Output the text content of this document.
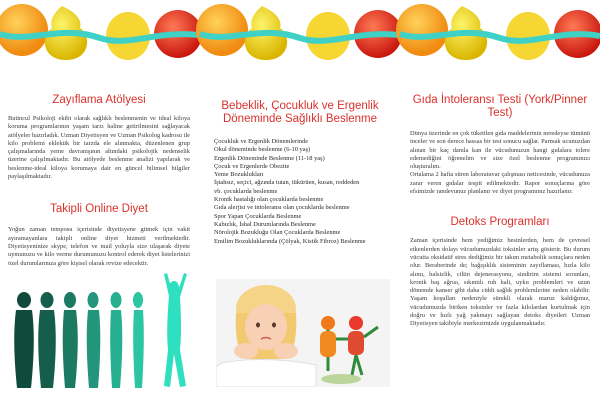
Zayıflama Atölyesi

Butincul Psikoloji ekibi olarak sağlıklı beslenmenin ve ideal kiloya koruma programlarının yaşam tarzı haline getirilmesini sağlayacak atölyeler hazırladık. Uzman Diyetisyen ve Uzman Psikolog kadrosu ile kilo problemi eklektik bir tarzda ele alınmakta, düzenlenen grup çalışmalarında yeme davranışının altındaki psikolojik nedenselik üzerine çalışılmaktadır. Bu atölyede beslenme analizi yapılarak ve beslenme-ideal kiloya korumaya dair en güncel bilimsel bilgiler paylaşılmaktadır.

Takipli Online Diyet

Yoğun zaman temposu içerisinde diyetisyene gitmek için vakit ayıramayanlara takipli online diyet hizmeti verilmektedir. Diyetisyeninize skype, telefon ve mail yoluyla size ulaşarak diyete uymunuzu ve kilo verme durumunuzu kontrol ederek diyet listelerinizi özel durumlarınıza göre kişisel olarak revize edecektir.

Bebeklik, Çocukluk ve Ergenlik Döneminde Sağlıklı Beslenme
Çocukluk ve Ergenlik Dönemlerinde
Okul döneminde beslenme (6-10 yaş)
Ergenlik Döneminde Beslenme (11-18 yaş)
Çocuk ve Ergenlerde Obezite
Yeme Bozuklukları
İştahsız, seçici, ağzında tutan, tükürüen, kusan, reddeden
vb. çocuklarda beslenme
Kronik hastalığı olan çocuklarda beslenme
Gıda alerjisi ve intoleransı olan çocuklarda beslenme
Spor Yapan Çocuklarda Beslenme
Kabızlık, İshal Durumlarında Beslenme
Nörolojik Bozukluğu Olan Çocuklarda Beslenme
Emilim Bozukluklarında (Çölyak, Kistik Fibroz) Beslenme
Gıda İntoleransı Testi (York/Pinner Test)

Dünya üzerinde en çok tüketilen gıda maddelerinin neredeyse tümünü inceler ve son derece hassas bir test sonucu sağlar. Parmak ucunuzdan alınan bir kaç damla kan ile vücudunuzun hangi gıdalara tolere edemediğini öğrenelim ve size özel beslenme programınızı oluşturalım.

Ortalama 2 hafta süren laboratuvar çalışması neticesinde, vücudunuza zarar veren gıdalar tespit edilmektedir. Rapor sonuçlarına göre efsimizde randevunuz planlanır ve diyet programınız hazırlanır.

Detoks Programları

Zaman içerisinde hem yediğimiz besinlerden, hem de çevresel etkenlerden dolayı vücudumuzdaki toksinler artış gösterir. Bu durum vücutta oksidatif stres dediğimiz bir takım metabolik sonuçlara neden olur. Beraberinde de; bağışıklık sisteminin zayıflaması, hızla kilo alımı, halsizlik, ciltin dejenerasyonu, sindirim sistemi sorunları, kronik baş ağrısı, sıkıntılı ruh hali, uyku problemleri ve uzun dönemde kanser gibi daha ciddi sağlık problemlerine neden olabilir. Yaşam koşulları nedeniyle sürekli olarak maruz kaldığımız, vücudumuzda biriken toksinler ve fazla kilolardan kurtulmak için doğru ve hızlı yağ yakmayı sağlayan detoks diyetleri Uzman Diyetisyen takibiyle merkezimizde uygulanmaktadır.
